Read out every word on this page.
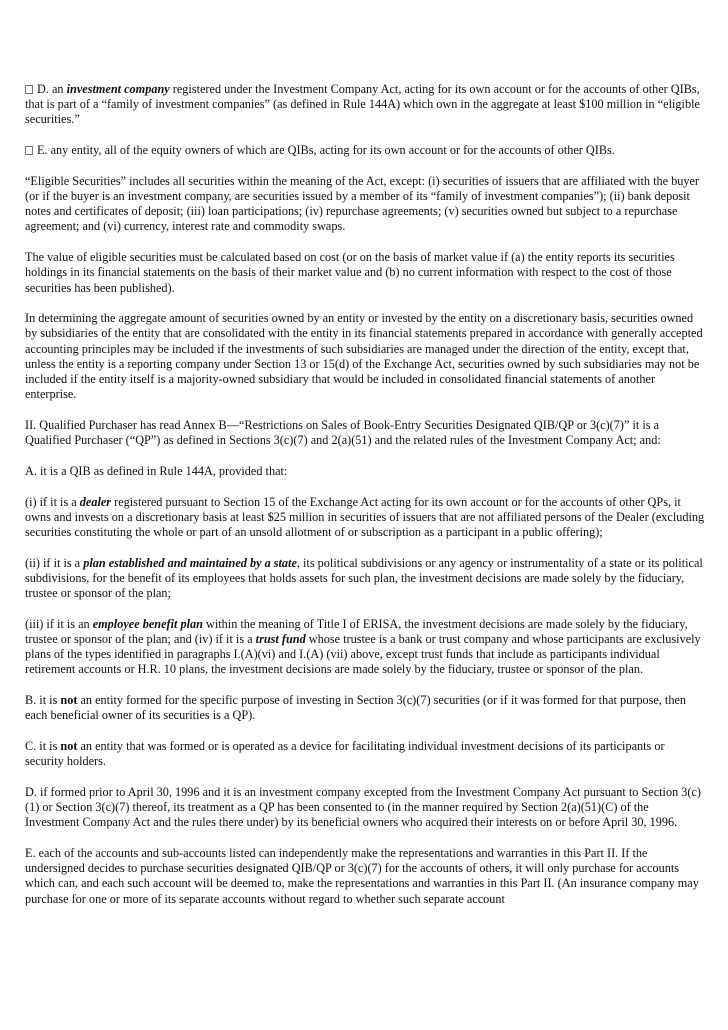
D. an investment company registered under the Investment Company Act, acting for its own account or for the accounts of other QIBs, that is part of a “family of investment companies” (as defined in Rule 144A) which own in the aggregate at least $100 million in “eligible securities.”

E. any entity, all of the equity owners of which are QIBs, acting for its own account or for the accounts of other QIBs.

“Eligible Securities” includes all securities within the meaning of the Act, except: (i) securities of issuers that are affiliated with the buyer (or if the buyer is an investment company, are securities issued by a member of its “family of investment companies”); (ii) bank deposit notes and certificates of deposit; (iii) loan participations; (iv) repurchase agreements; (v) securities owned but subject to a repurchase agreement; and (vi) currency, interest rate and commodity swaps.

The value of eligible securities must be calculated based on cost (or on the basis of market value if (a) the entity reports its securities holdings in its financial statements on the basis of their market value and (b) no current information with respect to the cost of those securities has been published).

In determining the aggregate amount of securities owned by an entity or invested by the entity on a discretionary basis, securities owned by subsidiaries of the entity that are consolidated with the entity in its financial statements prepared in accordance with generally accepted accounting principles may be included if the investments of such subsidiaries are managed under the direction of the entity, except that, unless the entity is a reporting company under Section 13 or 15(d) of the Exchange Act, securities owned by such subsidiaries may not be included if the entity itself is a majority-owned subsidiary that would be included in consolidated financial statements of another enterprise.

II. Qualified Purchaser has read Annex B—“Restrictions on Sales of Book-Entry Securities Designated QIB/QP or 3(c)(7)” it is a Qualified Purchaser (“QP”) as defined in Sections 3(c)(7) and 2(a)(51) and the related rules of the Investment Company Act; and:

A. it is a QIB as defined in Rule 144A, provided that:

(i) if it is a dealer registered pursuant to Section 15 of the Exchange Act acting for its own account or for the accounts of other QPs, it owns and invests on a discretionary basis at least $25 million in securities of issuers that are not affiliated persons of the Dealer (excluding securities constituting the whole or part of an unsold allotment of or subscription as a participant in a public offering);

(ii) if it is a plan established and maintained by a state, its political subdivisions or any agency or instrumentality of a state or its political subdivisions, for the benefit of its employees that holds assets for such plan, the investment decisions are made solely by the fiduciary, trustee or sponsor of the plan;

(iii) if it is an employee benefit plan within the meaning of Title I of ERISA, the investment decisions are made solely by the fiduciary, trustee or sponsor of the plan; and (iv) if it is a trust fund whose trustee is a bank or trust company and whose participants are exclusively plans of the types identified in paragraphs I.(A)(vi) and I.(A) (vii) above, except trust funds that include as participants individual retirement accounts or H.R. 10 plans, the investment decisions are made solely by the fiduciary, trustee or sponsor of the plan.

B. it is not an entity formed for the specific purpose of investing in Section 3(c)(7) securities (or if it was formed for that purpose, then each beneficial owner of its securities is a QP).

C. it is not an entity that was formed or is operated as a device for facilitating individual investment decisions of its participants or security holders.

D. if formed prior to April 30, 1996 and it is an investment company excepted from the Investment Company Act pursuant to Section 3(c)(1) or Section 3(c)(7) thereof, its treatment as a QP has been consented to (in the manner required by Section 2(a)(51)(C) of the Investment Company Act and the rules there under) by its beneficial owners who acquired their interests on or before April 30, 1996.

E. each of the accounts and sub-accounts listed can independently make the representations and warranties in this Part II. If the undersigned decides to purchase securities designated QIB/QP or 3(c)(7) for the accounts of others, it will only purchase for accounts which can, and each such account will be deemed to, make the representations and warranties in this Part II. (An insurance company may purchase for one or more of its separate accounts without regard to whether such separate account
